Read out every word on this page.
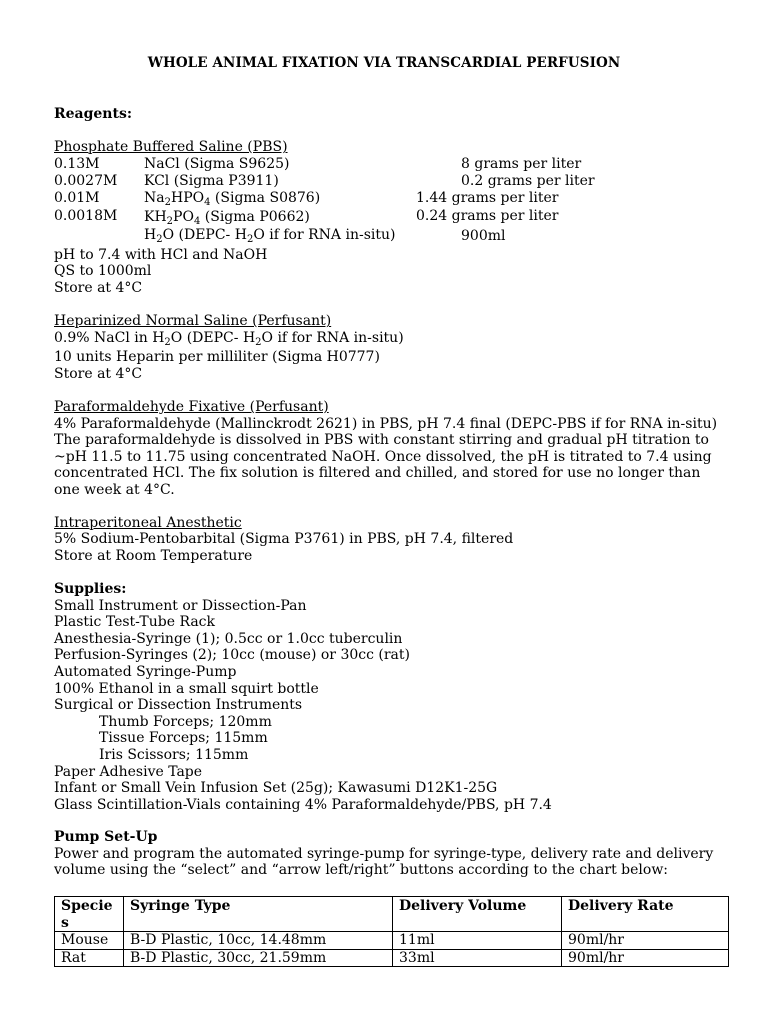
WHOLE ANIMAL FIXATION VIA TRANSCARDIAL PERFUSION
Reagents:
Phosphate Buffered Saline (PBS)
0.13M	NaCl (Sigma S9625)	8 grams per liter
0.0027M KCl (Sigma P3911)	0.2 grams per liter
0.01M	$Na_2HPO_4$ (Sigma S0876)	1.44 grams per liter
0.0018M $KH_2PO_4$ (Sigma P0662)	0.24 grams per liter
$H_2O$ (DEPC- $H_2O$ if for RNA in-situ)	900ml
pH to 7.4 with HCl and NaOH
QS to 1000ml
Store at 4°C
Heparinized Normal Saline (Perfusant)
0.9% NaCl in $H_2O$ (DEPC- $H_2O$ if for RNA in-situ)
10 units Heparin per milliliter (Sigma H0777)
Store at 4°C
Paraformaldehyde Fixative (Perfusant)
4% Paraformaldehyde (Mallinckrodt 2621) in PBS, pH 7.4 final (DEPC-PBS if for RNA in-situ)
The paraformaldehyde is dissolved in PBS with constant stirring and gradual pH titration to
~pH 11.5 to 11.75 using concentrated NaOH. Once dissolved, the pH is titrated to 7.4 using
concentrated HCl. The fix solution is filtered and chilled, and stored for use no longer than
one week at 4°C.
Intraperitoneal Anesthetic
5% Sodium-Pentobarbital (Sigma P3761) in PBS, pH 7.4, filtered
Store at Room Temperature
Supplies:
Small Instrument or Dissection-Pan
Plastic Test-Tube Rack
Anesthesia-Syringe (1); 0.5cc or 1.0cc tuberculin
Perfusion-Syringes (2); 10cc (mouse) or 30cc (rat)
Automated Syringe-Pump
100% Ethanol in a small squirt bottle
Surgical or Dissection Instruments
Thumb Forceps; 120mm
Tissue Forceps; 115mm
Iris Scissors; 115mm
Paper Adhesive Tape
Infant or Small Vein Infusion Set (25g); Kawasumi D12K1-25G
Glass Scintillation-Vials containing 4% Paraformaldehyde/PBS, pH 7.4
Pump Set-Up
Power and program the automated syringe-pump for syringe-type, delivery rate and delivery
volume using the “select” and “arrow left/right” buttons according to the chart below:
Species	Syringe Type	Delivery Volume	Delivery Rate
Mouse	B-D Plastic, 10cc, 14.48mm	11ml	90ml/hr
Rat	B-D Plastic, 30cc, 21.59mm	33ml	90ml/hr
